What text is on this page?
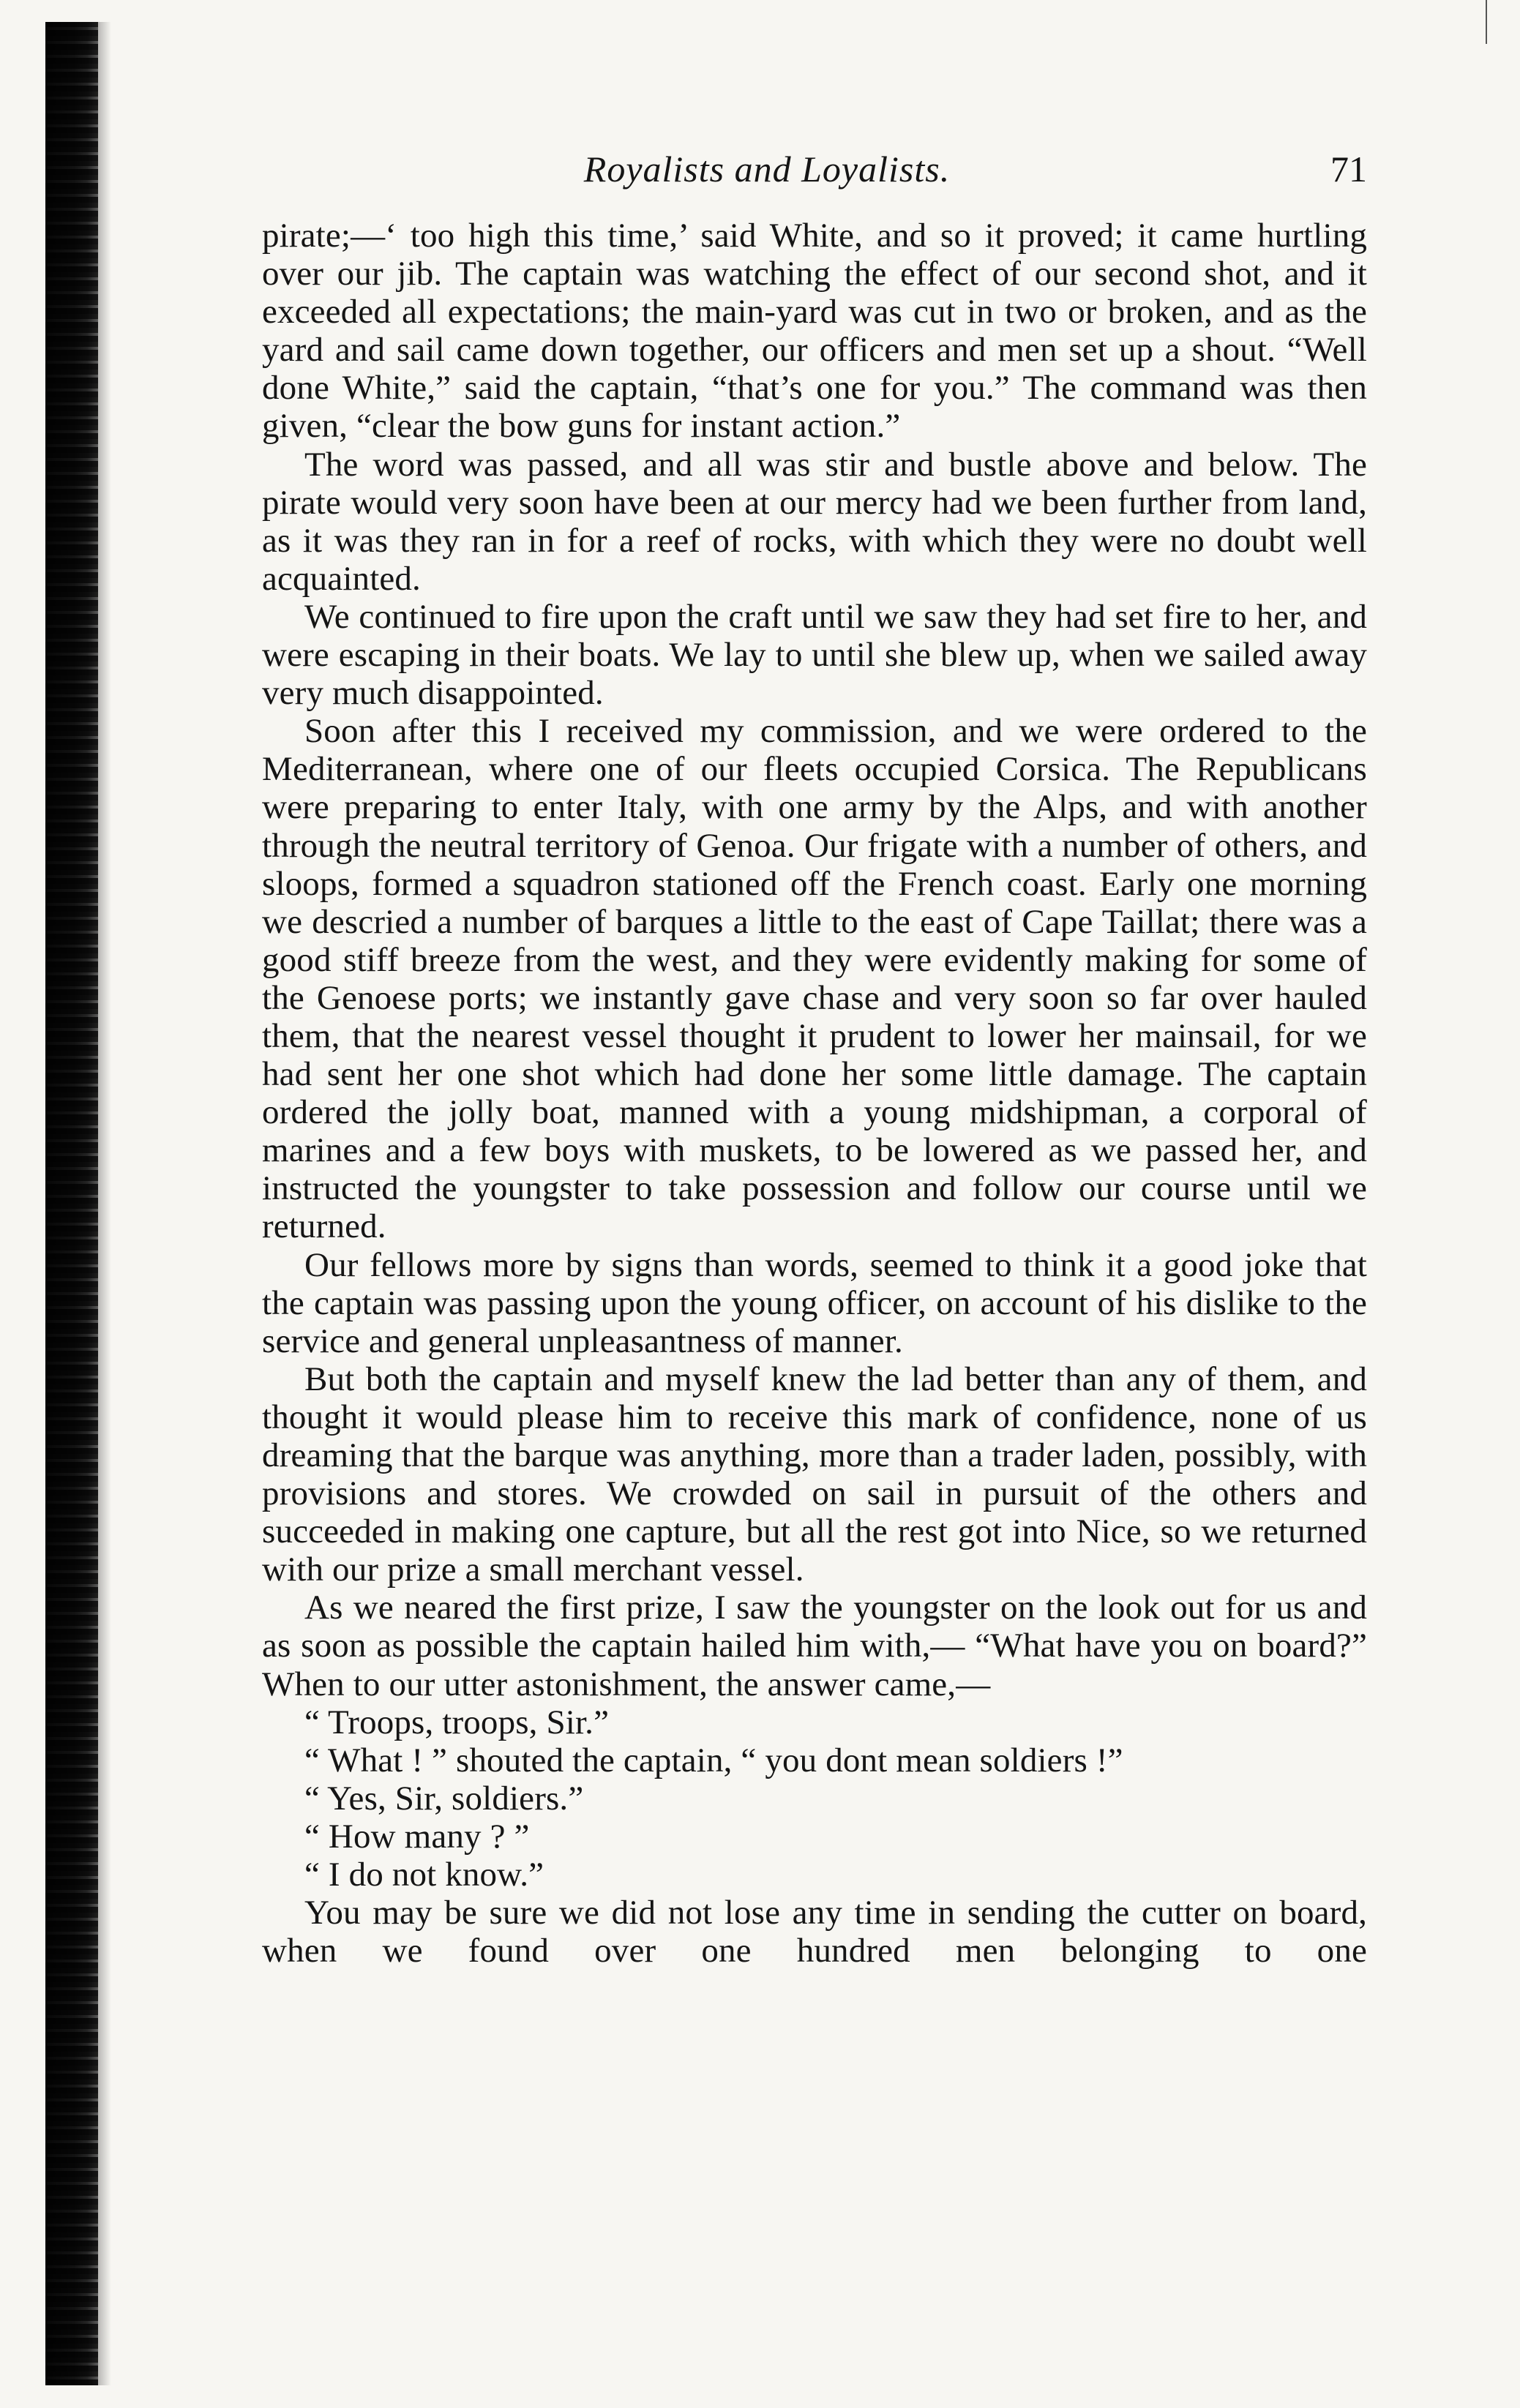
Royalists and Loyalists.	71

pirate;—‘ too high this time,’ said White, and so it proved; it came hurtling over our jib. The captain was watching the effect of our second shot, and it exceeded all expectations; the main-yard was cut in two or broken, and as the yard and sail came down together, our officers and men set up a shout. “Well done White,” said the captain, “that’s one for you.” The command was then given, “clear the bow guns for instant action.”

The word was passed, and all was stir and bustle above and below. The pirate would very soon have been at our mercy had we been further from land, as it was they ran in for a reef of rocks, with which they were no doubt well acquainted.

We continued to fire upon the craft until we saw they had set fire to her, and were escaping in their boats. We lay to until she blew up, when we sailed away very much disappointed.

Soon after this I received my commission, and we were ordered to the Mediterranean, where one of our fleets occupied Corsica. The Republicans were preparing to enter Italy, with one army by the Alps, and with another through the neutral territory of Genoa. Our frigate with a number of others, and sloops, formed a squadron stationed off the French coast. Early one morning we descried a number of barques a little to the east of Cape Taillat; there was a good stiff breeze from the west, and they were evidently making for some of the Genoese ports; we instantly gave chase and very soon so far over hauled them, that the nearest vessel thought it prudent to lower her mainsail, for we had sent her one shot which had done her some little damage. The captain ordered the jolly boat, manned with a young midshipman, a corporal of marines and a few boys with muskets, to be lowered as we passed her, and instructed the youngster to take possession and follow our course until we returned.

Our fellows more by signs than words, seemed to think it a good joke that the captain was passing upon the young officer, on account of his dislike to the service and general unpleasantness of manner.

But both the captain and myself knew the lad better than any of them, and thought it would please him to receive this mark of confidence, none of us dreaming that the barque was anything, more than a trader laden, possibly, with provisions and stores. We crowded on sail in pursuit of the others and succeeded in making one capture, but all the rest got into Nice, so we returned with our prize a small merchant vessel.

As we neared the first prize, I saw the youngster on the look out for us and as soon as possible the captain hailed him with,— “What have you on board?” When to our utter astonishment, the answer came,—

“ Troops, troops, Sir.”

“ What ! ” shouted the captain, “ you dont mean soldiers !”

“ Yes, Sir, soldiers.”

“ How many ? ”

“ I do not know.”

You may be sure we did not lose any time in sending the cutter on board, when we found over one hundred men belonging to one
